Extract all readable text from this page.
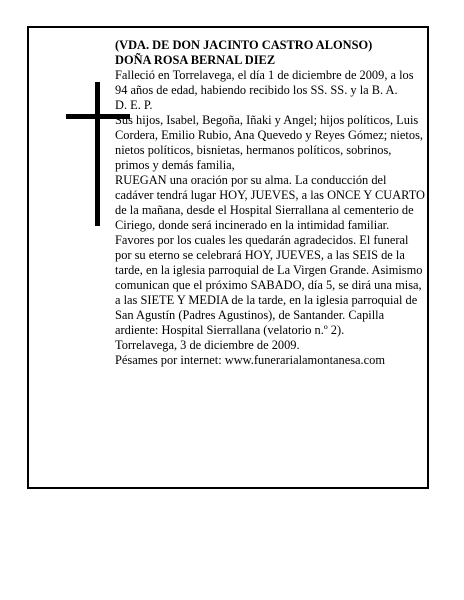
(VDA. DE DON JACINTO CASTRO ALONSO)

DOÑA ROSA BERNAL DIEZ

Falleció en Torrelavega, el día 1 de diciembre de 2009, a los 94 años de edad, habiendo recibido los SS. SS. y la B. A.

D. E. P.

Sus hijos, Isabel, Begoña, Iñaki y Angel; hijos políticos, Luis Cordera, Emilio Rubio, Ana Quevedo y Reyes Gómez; nietos, nietos políticos, bisnietas, hermanos políticos, sobrinos, primos y demás familia,

RUEGAN una oración por su alma. La conducción del cadáver tendrá lugar HOY, JUEVES, a las ONCE Y CUARTO de la mañana, desde el Hospital Sierrallana al cementerio de Ciriego, donde será incinerado en la intimidad familiar. Favores por los cuales les quedarán agradecidos. El funeral por su eterno se celebrará HOY, JUEVES, a las SEIS de la tarde, en la iglesia parroquial de La Virgen Grande. Asimismo comunican que el próximo SABADO, día 5, se dirá una misa, a las SIETE Y MEDIA de la tarde, en la iglesia parroquial de San Agustín (Padres Agustinos), de Santander. Capilla ardiente: Hospital Sierrallana (velatorio n.º 2).

Torrelavega, 3 de diciembre de 2009.

Pésames por internet: www.funerarialamontanesa.com
